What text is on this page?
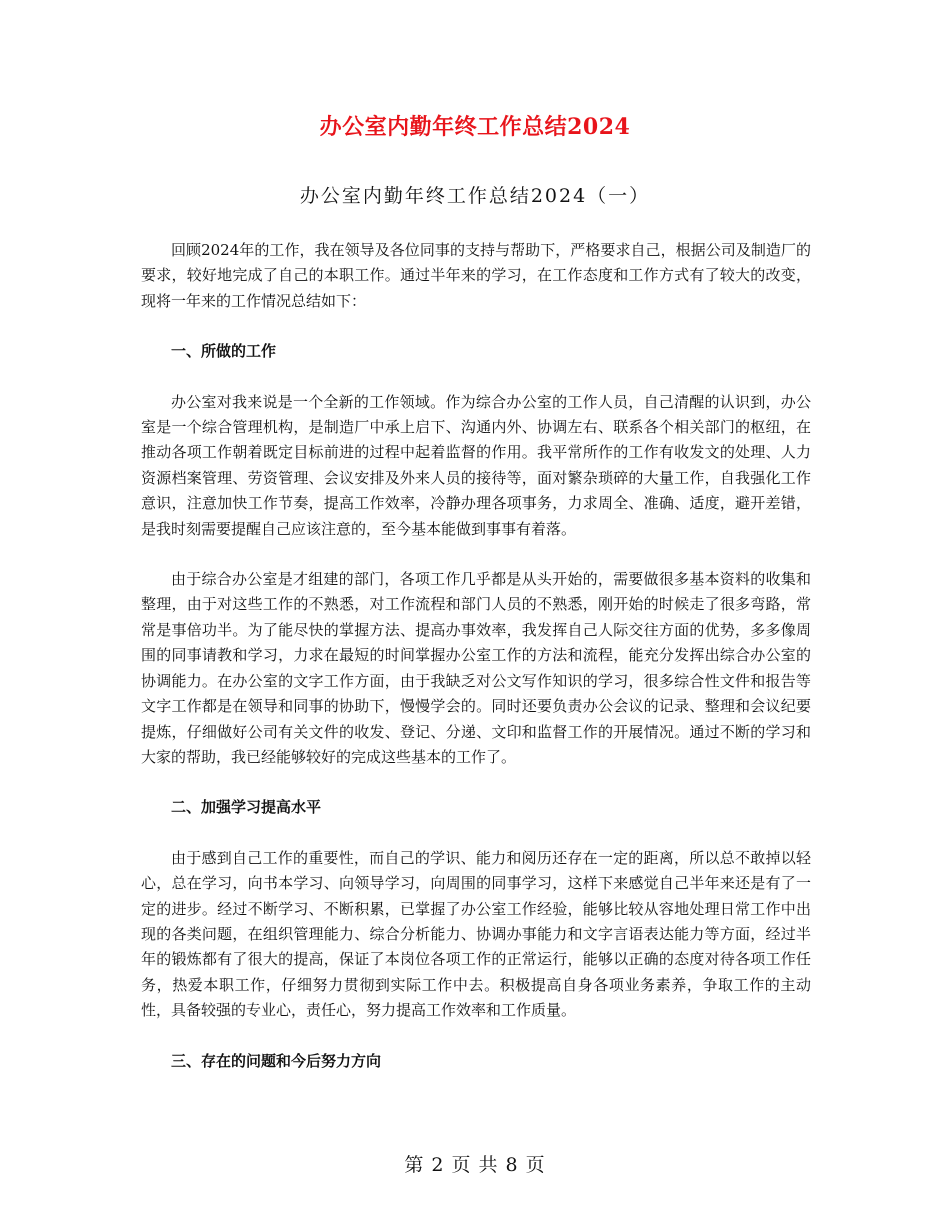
办公室内勤年终工作总结2024
办公室内勤年终工作总结2024（一）

回顾2024年的工作，我在领导及各位同事的支持与帮助下，严格要求自己，根据公司及制造厂的要求，较好地完成了自己的本职工作。通过半年来的学习，在工作态度和工作方式有了较大的改变，现将一年来的工作情况总结如下：

一、所做的工作

办公室对我来说是一个全新的工作领域。作为综合办公室的工作人员，自己清醒的认识到，办公室是一个综合管理机构，是制造厂中承上启下、沟通内外、协调左右、联系各个相关部门的枢纽，在推动各项工作朝着既定目标前进的过程中起着监督的作用。我平常所作的工作有收发文的处理、人力资源档案管理、劳资管理、会议安排及外来人员的接待等，面对繁杂琐碎的大量工作，自我强化工作意识，注意加快工作节奏，提高工作效率，冷静办理各项事务，力求周全、准确、适度，避开差错，是我时刻需要提醒自己应该注意的，至今基本能做到事事有着落。

由于综合办公室是才组建的部门，各项工作几乎都是从头开始的，需要做很多基本资料的收集和整理，由于对这些工作的不熟悉，对工作流程和部门人员的不熟悉，刚开始的时候走了很多弯路，常常是事倍功半。为了能尽快的掌握方法、提高办事效率，我发挥自己人际交往方面的优势，多多像周围的同事请教和学习，力求在最短的时间掌握办公室工作的方法和流程，能充分发挥出综合办公室的协调能力。在办公室的文字工作方面，由于我缺乏对公文写作知识的学习，很多综合性文件和报告等文字工作都是在领导和同事的协助下，慢慢学会的。同时还要负责办公会议的记录、整理和会议纪要提炼，仔细做好公司有关文件的收发、登记、分递、文印和监督工作的开展情况。通过不断的学习和大家的帮助，我已经能够较好的完成这些基本的工作了。

二、加强学习提高水平

由于感到自己工作的重要性，而自己的学识、能力和阅历还存在一定的距离，所以总不敢掉以轻心，总在学习，向书本学习、向领导学习，向周围的同事学习，这样下来感觉自己半年来还是有了一定的进步。经过不断学习、不断积累，已掌握了办公室工作经验，能够比较从容地处理日常工作中出现的各类问题，在组织管理能力、综合分析能力、协调办事能力和文字言语表达能力等方面，经过半年的锻炼都有了很大的提高，保证了本岗位各项工作的正常运行，能够以正确的态度对待各项工作任务，热爱本职工作，仔细努力贯彻到实际工作中去。积极提高自身各项业务素养，争取工作的主动性，具备较强的专业心，责任心，努力提高工作效率和工作质量。

三、存在的问题和今后努力方向

第 2 页 共 8 页
